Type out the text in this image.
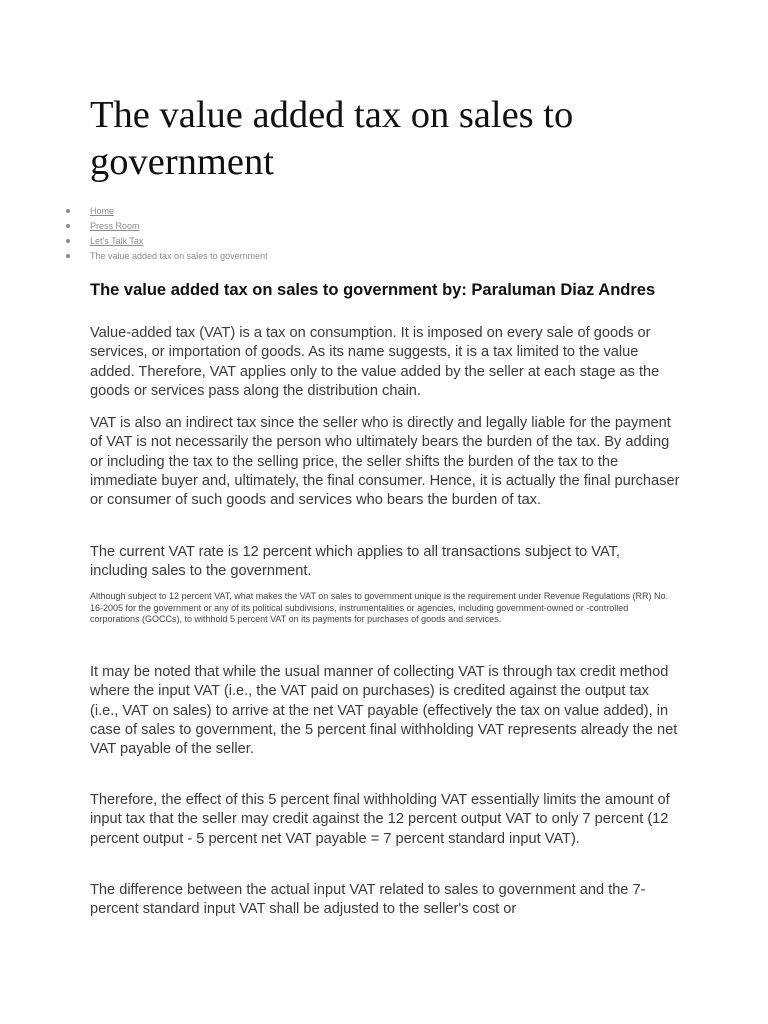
The value added tax on sales to government
Home
Press Room
Let's Talk Tax
The value added tax on sales to government
The value added tax on sales to government by: Paraluman Diaz Andres

Value-added tax (VAT) is a tax on consumption. It is imposed on every sale of goods or services, or importation of goods. As its name suggests, it is a tax limited to the value added. Therefore, VAT applies only to the value added by the seller at each stage as the goods or services pass along the distribution chain.

VAT is also an indirect tax since the seller who is directly and legally liable for the payment of VAT is not necessarily the person who ultimately bears the burden of the tax. By adding or including the tax to the selling price, the seller shifts the burden of the tax to the immediate buyer and, ultimately, the final consumer. Hence, it is actually the final purchaser or consumer of such goods and services who bears the burden of tax.

The current VAT rate is 12 percent which applies to all transactions subject to VAT, including sales to the government.

Although subject to 12 percent VAT, what makes the VAT on sales to government unique is the requirement under Revenue Regulations (RR) No. 16-2005 for the government or any of its political subdivisions, instrumentalities or agencies, including government-owned or -controlled corporations (GOCCs), to withhold 5 percent VAT on its payments for purchases of goods and services.

It may be noted that while the usual manner of collecting VAT is through tax credit method where the input VAT (i.e., the VAT paid on purchases) is credited against the output tax (i.e., VAT on sales) to arrive at the net VAT payable (effectively the tax on value added), in case of sales to government, the 5 percent final withholding VAT represents already the net VAT payable of the seller.

Therefore, the effect of this 5 percent final withholding VAT essentially limits the amount of input tax that the seller may credit against the 12 percent output VAT to only 7 percent (12 percent output - 5 percent net VAT payable = 7 percent standard input VAT).

The difference between the actual input VAT related to sales to government and the 7-percent standard input VAT shall be adjusted to the seller's cost or
